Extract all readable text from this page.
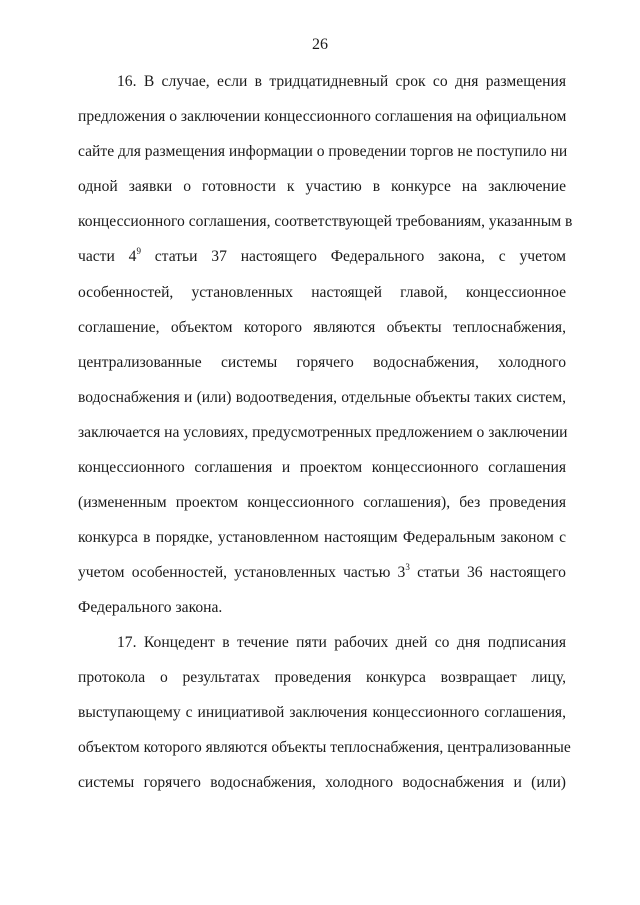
26
16. В случае, если в тридцатидневный срок со дня размещения
предложения о заключении концессионного соглашения на официальном
сайте для размещения информации о проведении торгов не поступило ни
одной заявки о готовности к участию в конкурсе на заключение
концессионного соглашения, соответствующей требованиям, указанным в
части $4^9$ статьи 37 настоящего Федерального закона, с учетом
особенностей, установленных настоящей главой, концессионное
соглашение, объектом которого являются объекты теплоснабжения,
централизованные системы горячего водоснабжения, холодного
водоснабжения и (или) водоотведения, отдельные объекты таких систем,
заключается на условиях, предусмотренных предложением о заключении
концессионного соглашения и проектом концессионного соглашения
(измененным проектом концессионного соглашения), без проведения
конкурса в порядке, установленном настоящим Федеральным законом с
учетом особенностей, установленных частью $3^3$ статьи 36 настоящего
Федерального закона.
17. Концедент в течение пяти рабочих дней со дня подписания
протокола о результатах проведения конкурса возвращает лицу,
выступающему с инициативой заключения концессионного соглашения,
объектом которого являются объекты теплоснабжения, централизованные
системы горячего водоснабжения, холодного водоснабжения и (или)
